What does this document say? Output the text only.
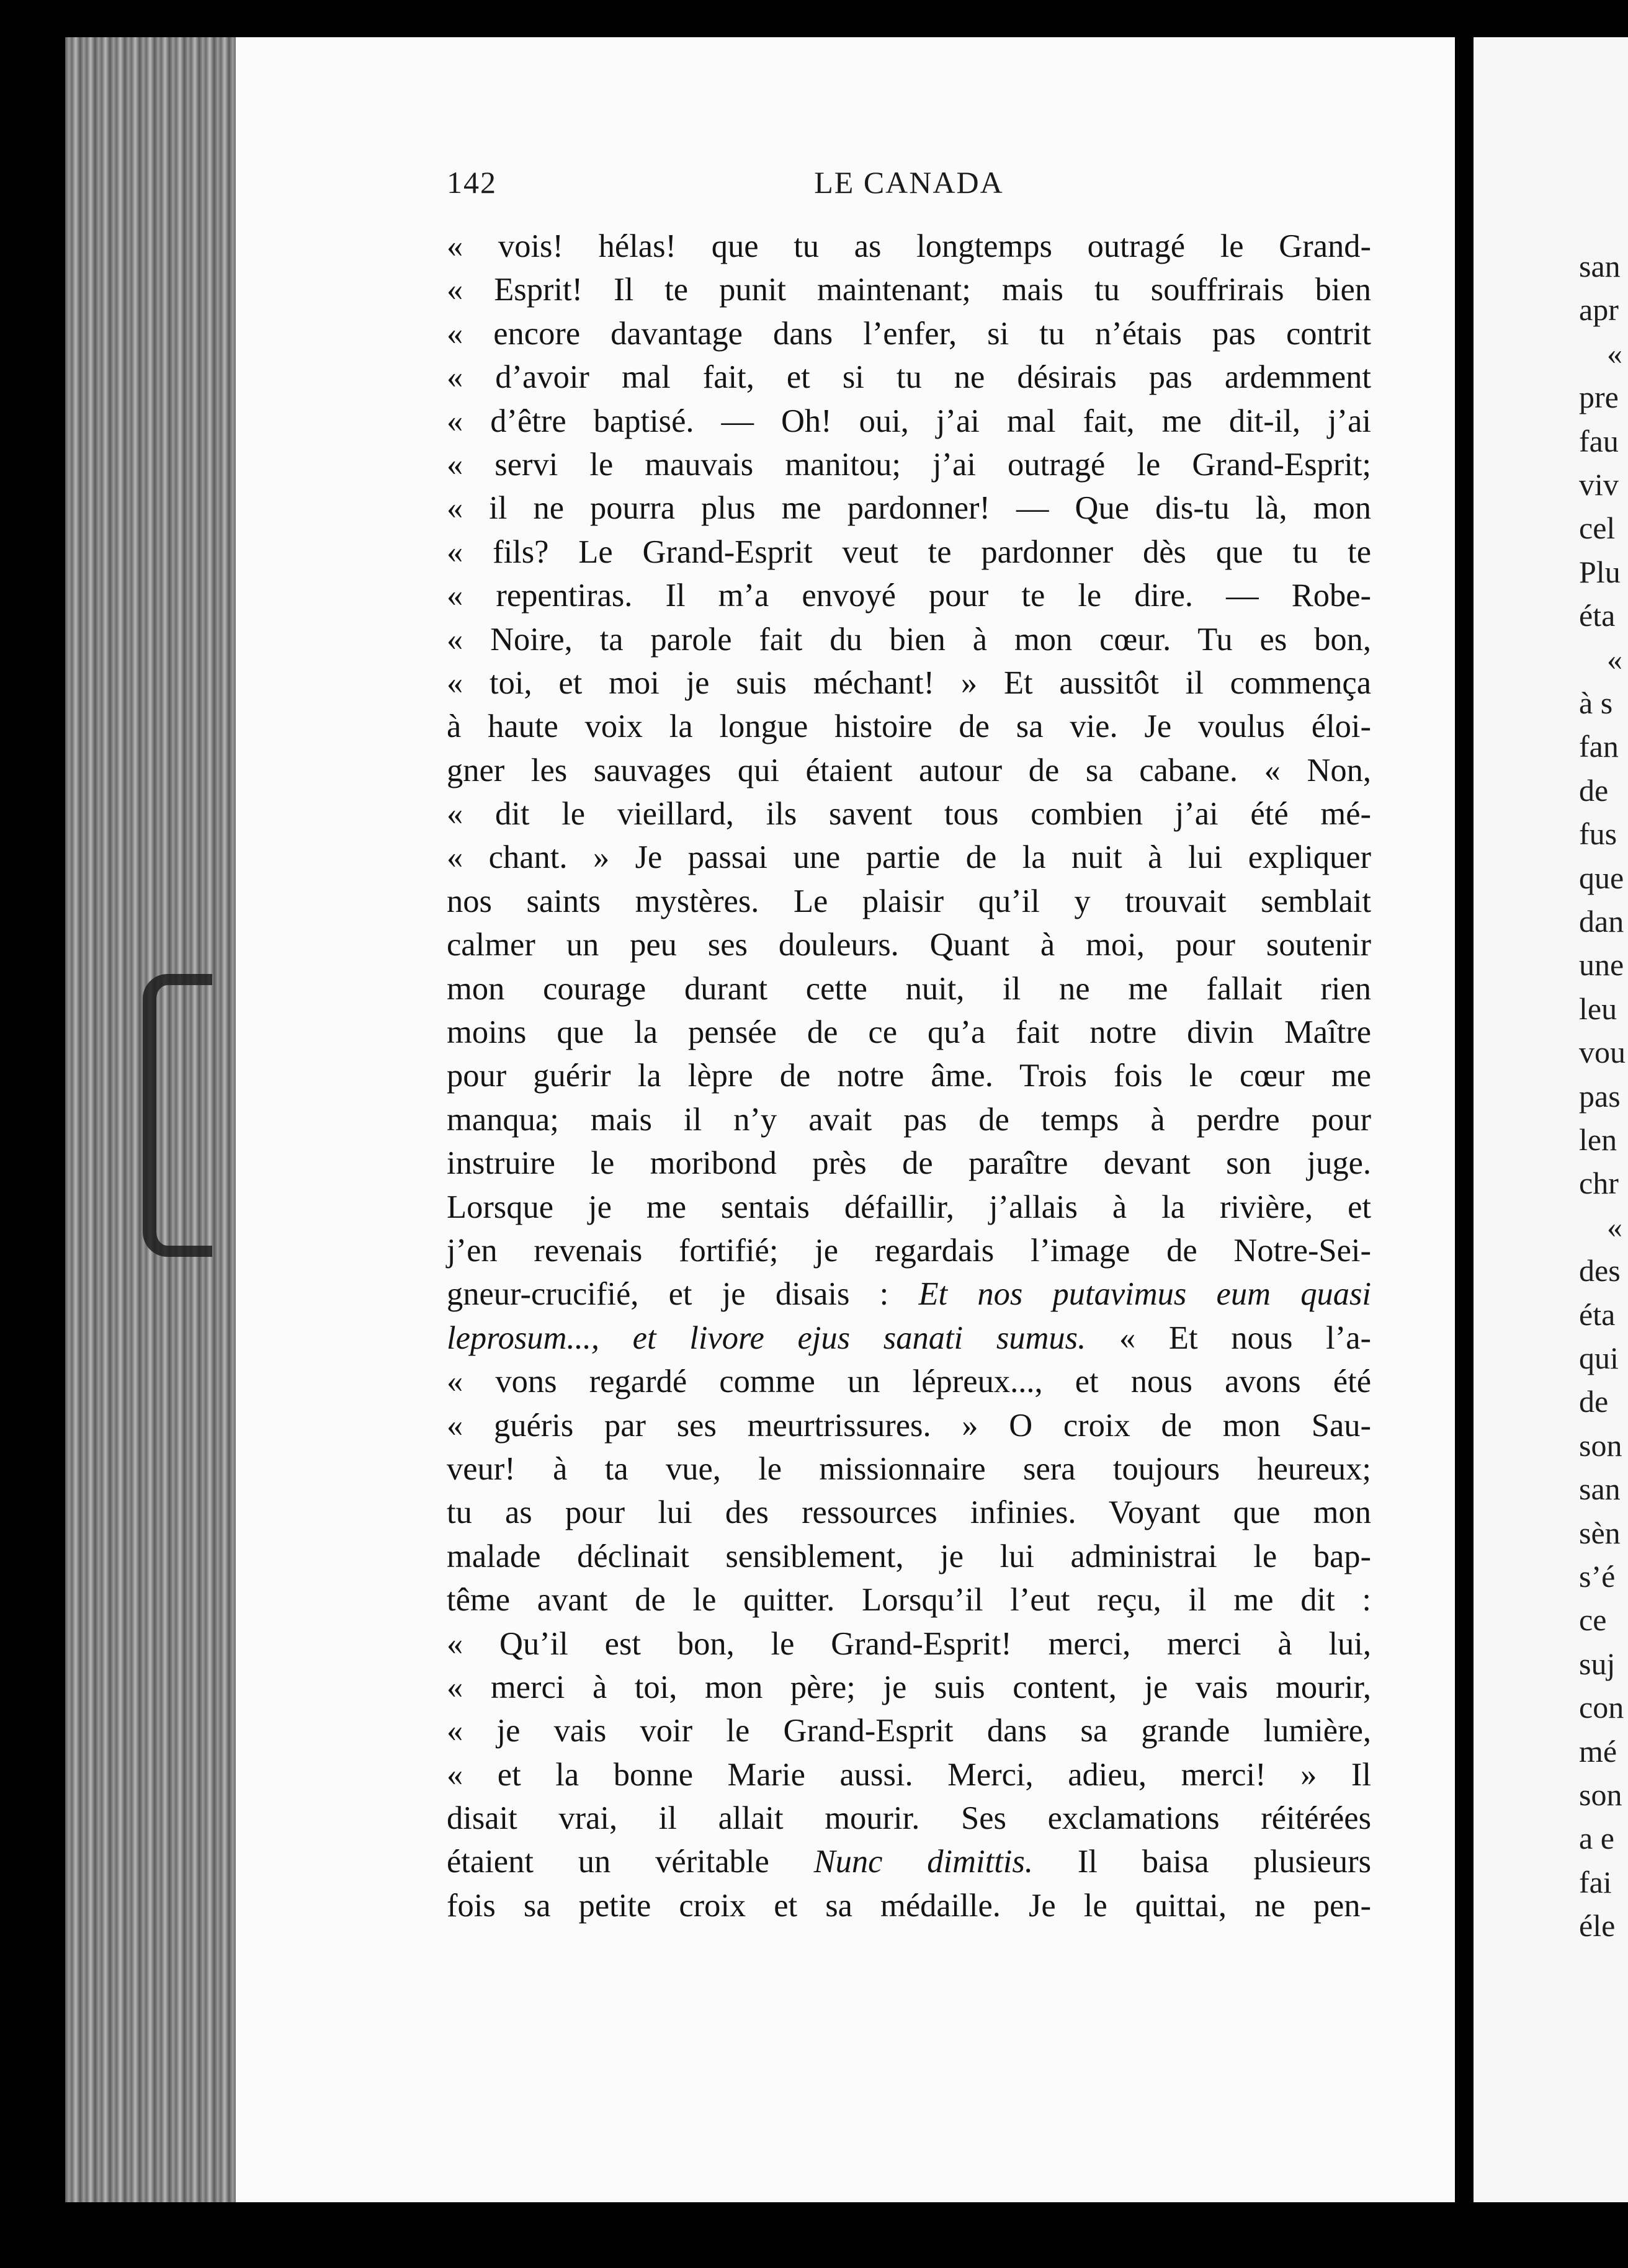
san
apr
«
pre
fau
viv
cel
Plu
éta
«
à s
fan
de
fus
que
dan
une
leu
vou
pas
len
chr
«
des
éta
qui
de
son
san
sèn
s’é
ce
suj
con
mé
son
a e
fai
éle
142	LE CANADA
« vois! hélas! que tu as longtemps outragé le Grand-
« Esprit! Il te punit maintenant; mais tu souffrirais bien
« encore davantage dans l’enfer, si tu n’étais pas contrit
« d’avoir mal fait, et si tu ne désirais pas ardemment
« d’être baptisé. — Oh! oui, j’ai mal fait, me dit-il, j’ai
« servi le mauvais manitou; j’ai outragé le Grand-Esprit;
« il ne pourra plus me pardonner! — Que dis-tu là, mon
« fils? Le Grand-Esprit veut te pardonner dès que tu te
« repentiras. Il m’a envoyé pour te le dire. — Robe-
« Noire, ta parole fait du bien à mon cœur. Tu es bon,
« toi, et moi je suis méchant! » Et aussitôt il commença
à haute voix la longue histoire de sa vie. Je voulus éloi-
gner les sauvages qui étaient autour de sa cabane. « Non,
« dit le vieillard, ils savent tous combien j’ai été mé-
« chant. » Je passai une partie de la nuit à lui expliquer
nos saints mystères. Le plaisir qu’il y trouvait semblait
calmer un peu ses douleurs. Quant à moi, pour soutenir
mon courage durant cette nuit, il ne me fallait rien
moins que la pensée de ce qu’a fait notre divin Maître
pour guérir la lèpre de notre âme. Trois fois le cœur me
manqua; mais il n’y avait pas de temps à perdre pour
instruire le moribond près de paraître devant son juge.
Lorsque je me sentais défaillir, j’allais à la rivière, et
j’en revenais fortifié; je regardais l’image de Notre-Sei-
gneur-crucifié, et je disais : Et nos putavimus eum quasi
leprosum..., et livore ejus sanati sumus. « Et nous l’a-
« vons regardé comme un lépreux..., et nous avons été
« guéris par ses meurtrissures. » O croix de mon Sau-
veur! à ta vue, le missionnaire sera toujours heureux;
tu as pour lui des ressources infinies. Voyant que mon
malade déclinait sensiblement, je lui administrai le bap-
tême avant de le quitter. Lorsqu’il l’eut reçu, il me dit :
« Qu’il est bon, le Grand-Esprit! merci, merci à lui,
« merci à toi, mon père; je suis content, je vais mourir,
« je vais voir le Grand-Esprit dans sa grande lumière,
« et la bonne Marie aussi. Merci, adieu, merci! » Il
disait vrai, il allait mourir. Ses exclamations réitérées
étaient un véritable Nunc dimittis. Il baisa plusieurs
fois sa petite croix et sa médaille. Je le quittai, ne pen-
